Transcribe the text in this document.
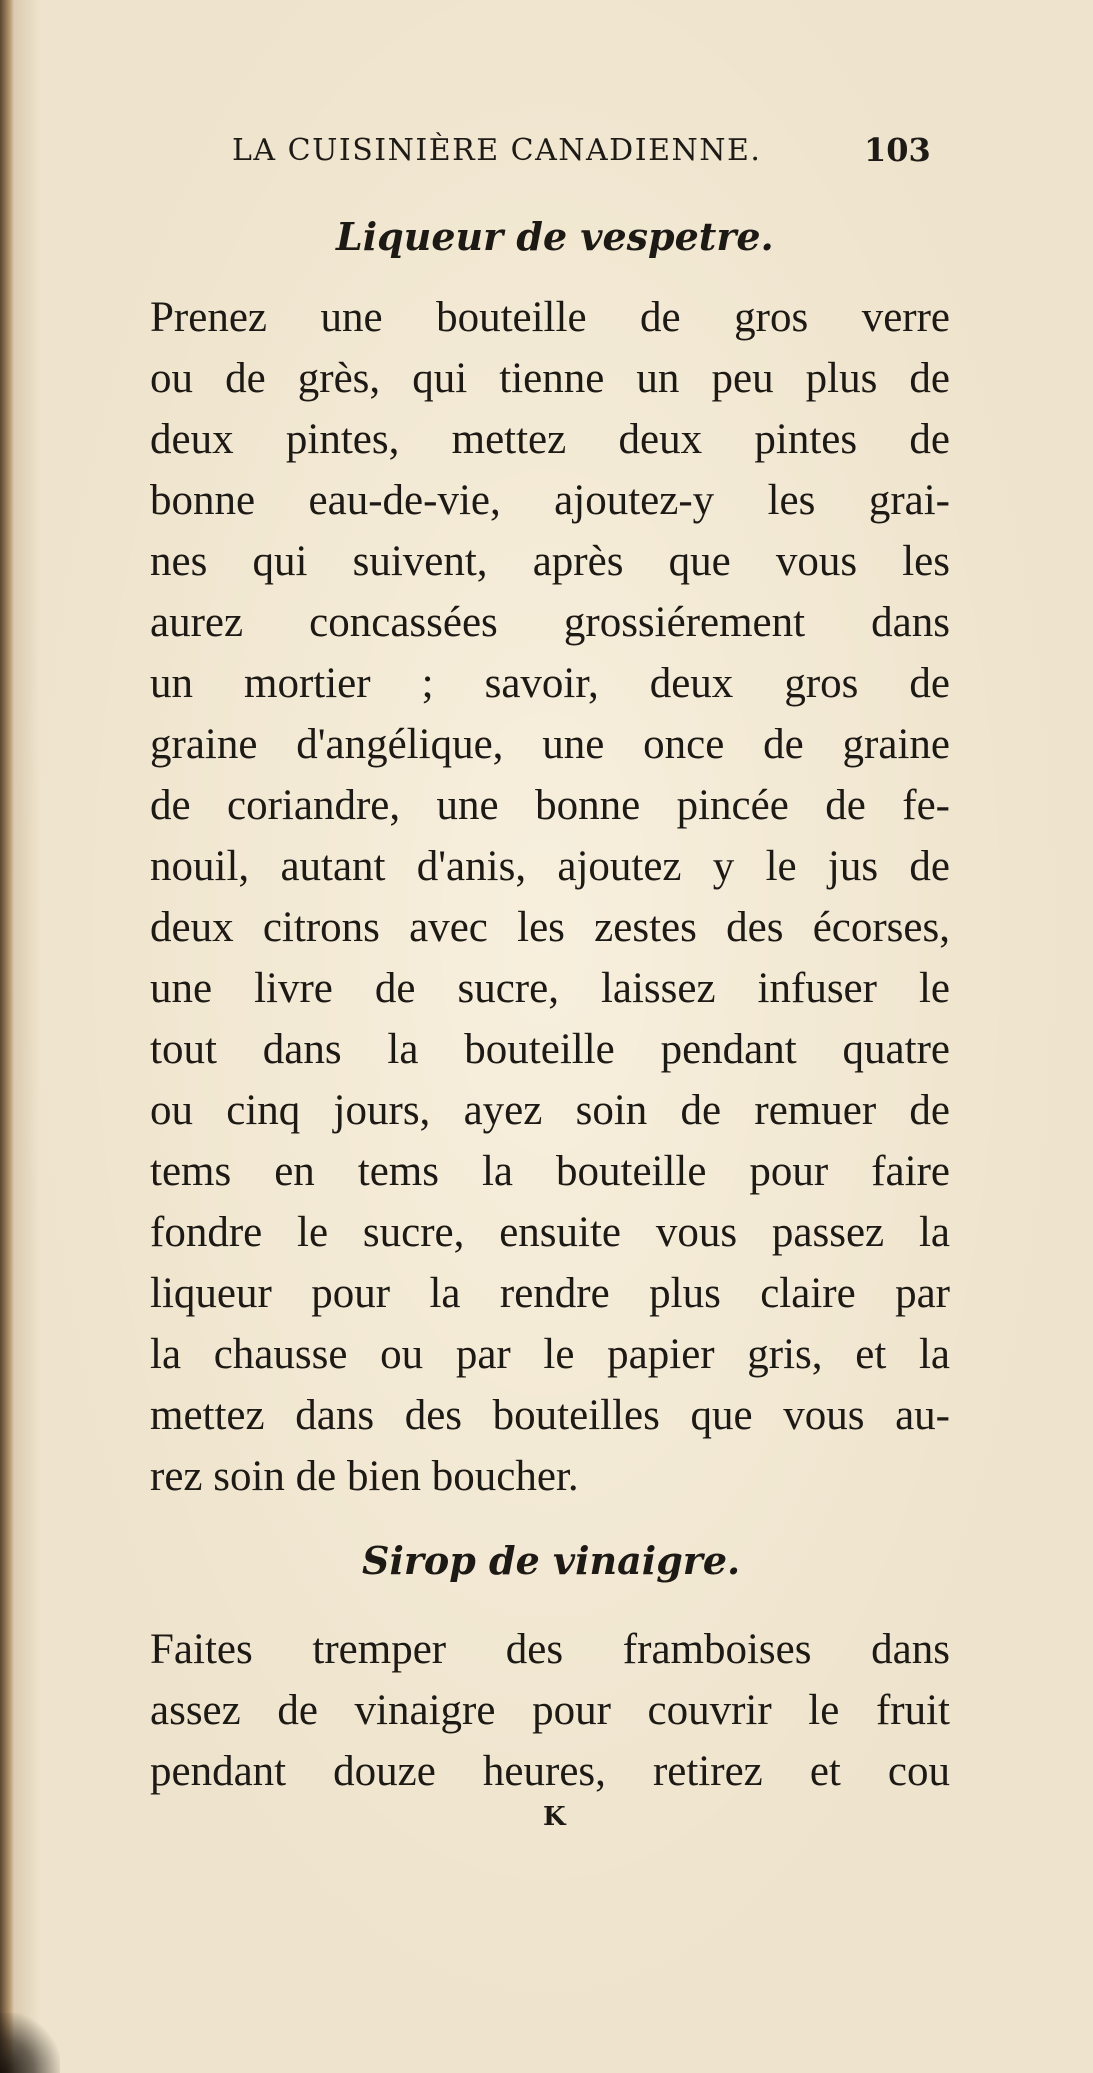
LA CUISINIÈRE CANADIENNE.	103
Liqueur de vespetre.
Prenez une bouteille de gros verre
ou de grès, qui tienne un peu plus de
deux pintes, mettez deux pintes de
bonne eau-de-vie, ajoutez-y les grai-
nes qui suivent, après que vous les
aurez concassées grossiérement dans
un mortier ; savoir, deux gros de
graine d'angélique, une once de graine
de coriandre, une bonne pincée de fe-
nouil, autant d'anis, ajoutez y le jus de
deux citrons avec les zestes des écorses,
une livre de sucre, laissez infuser le
tout dans la bouteille pendant quatre
ou cinq jours, ayez soin de remuer de
tems en tems la bouteille pour faire
fondre le sucre, ensuite vous passez la
liqueur pour la rendre plus claire par
la chausse ou par le papier gris, et la
mettez dans des bouteilles que vous au-
rez soin de bien boucher.
Sirop de vinaigre.
Faites tremper des framboises dans
assez de vinaigre pour couvrir le fruit
pendant douze heures, retirez et cou
K
